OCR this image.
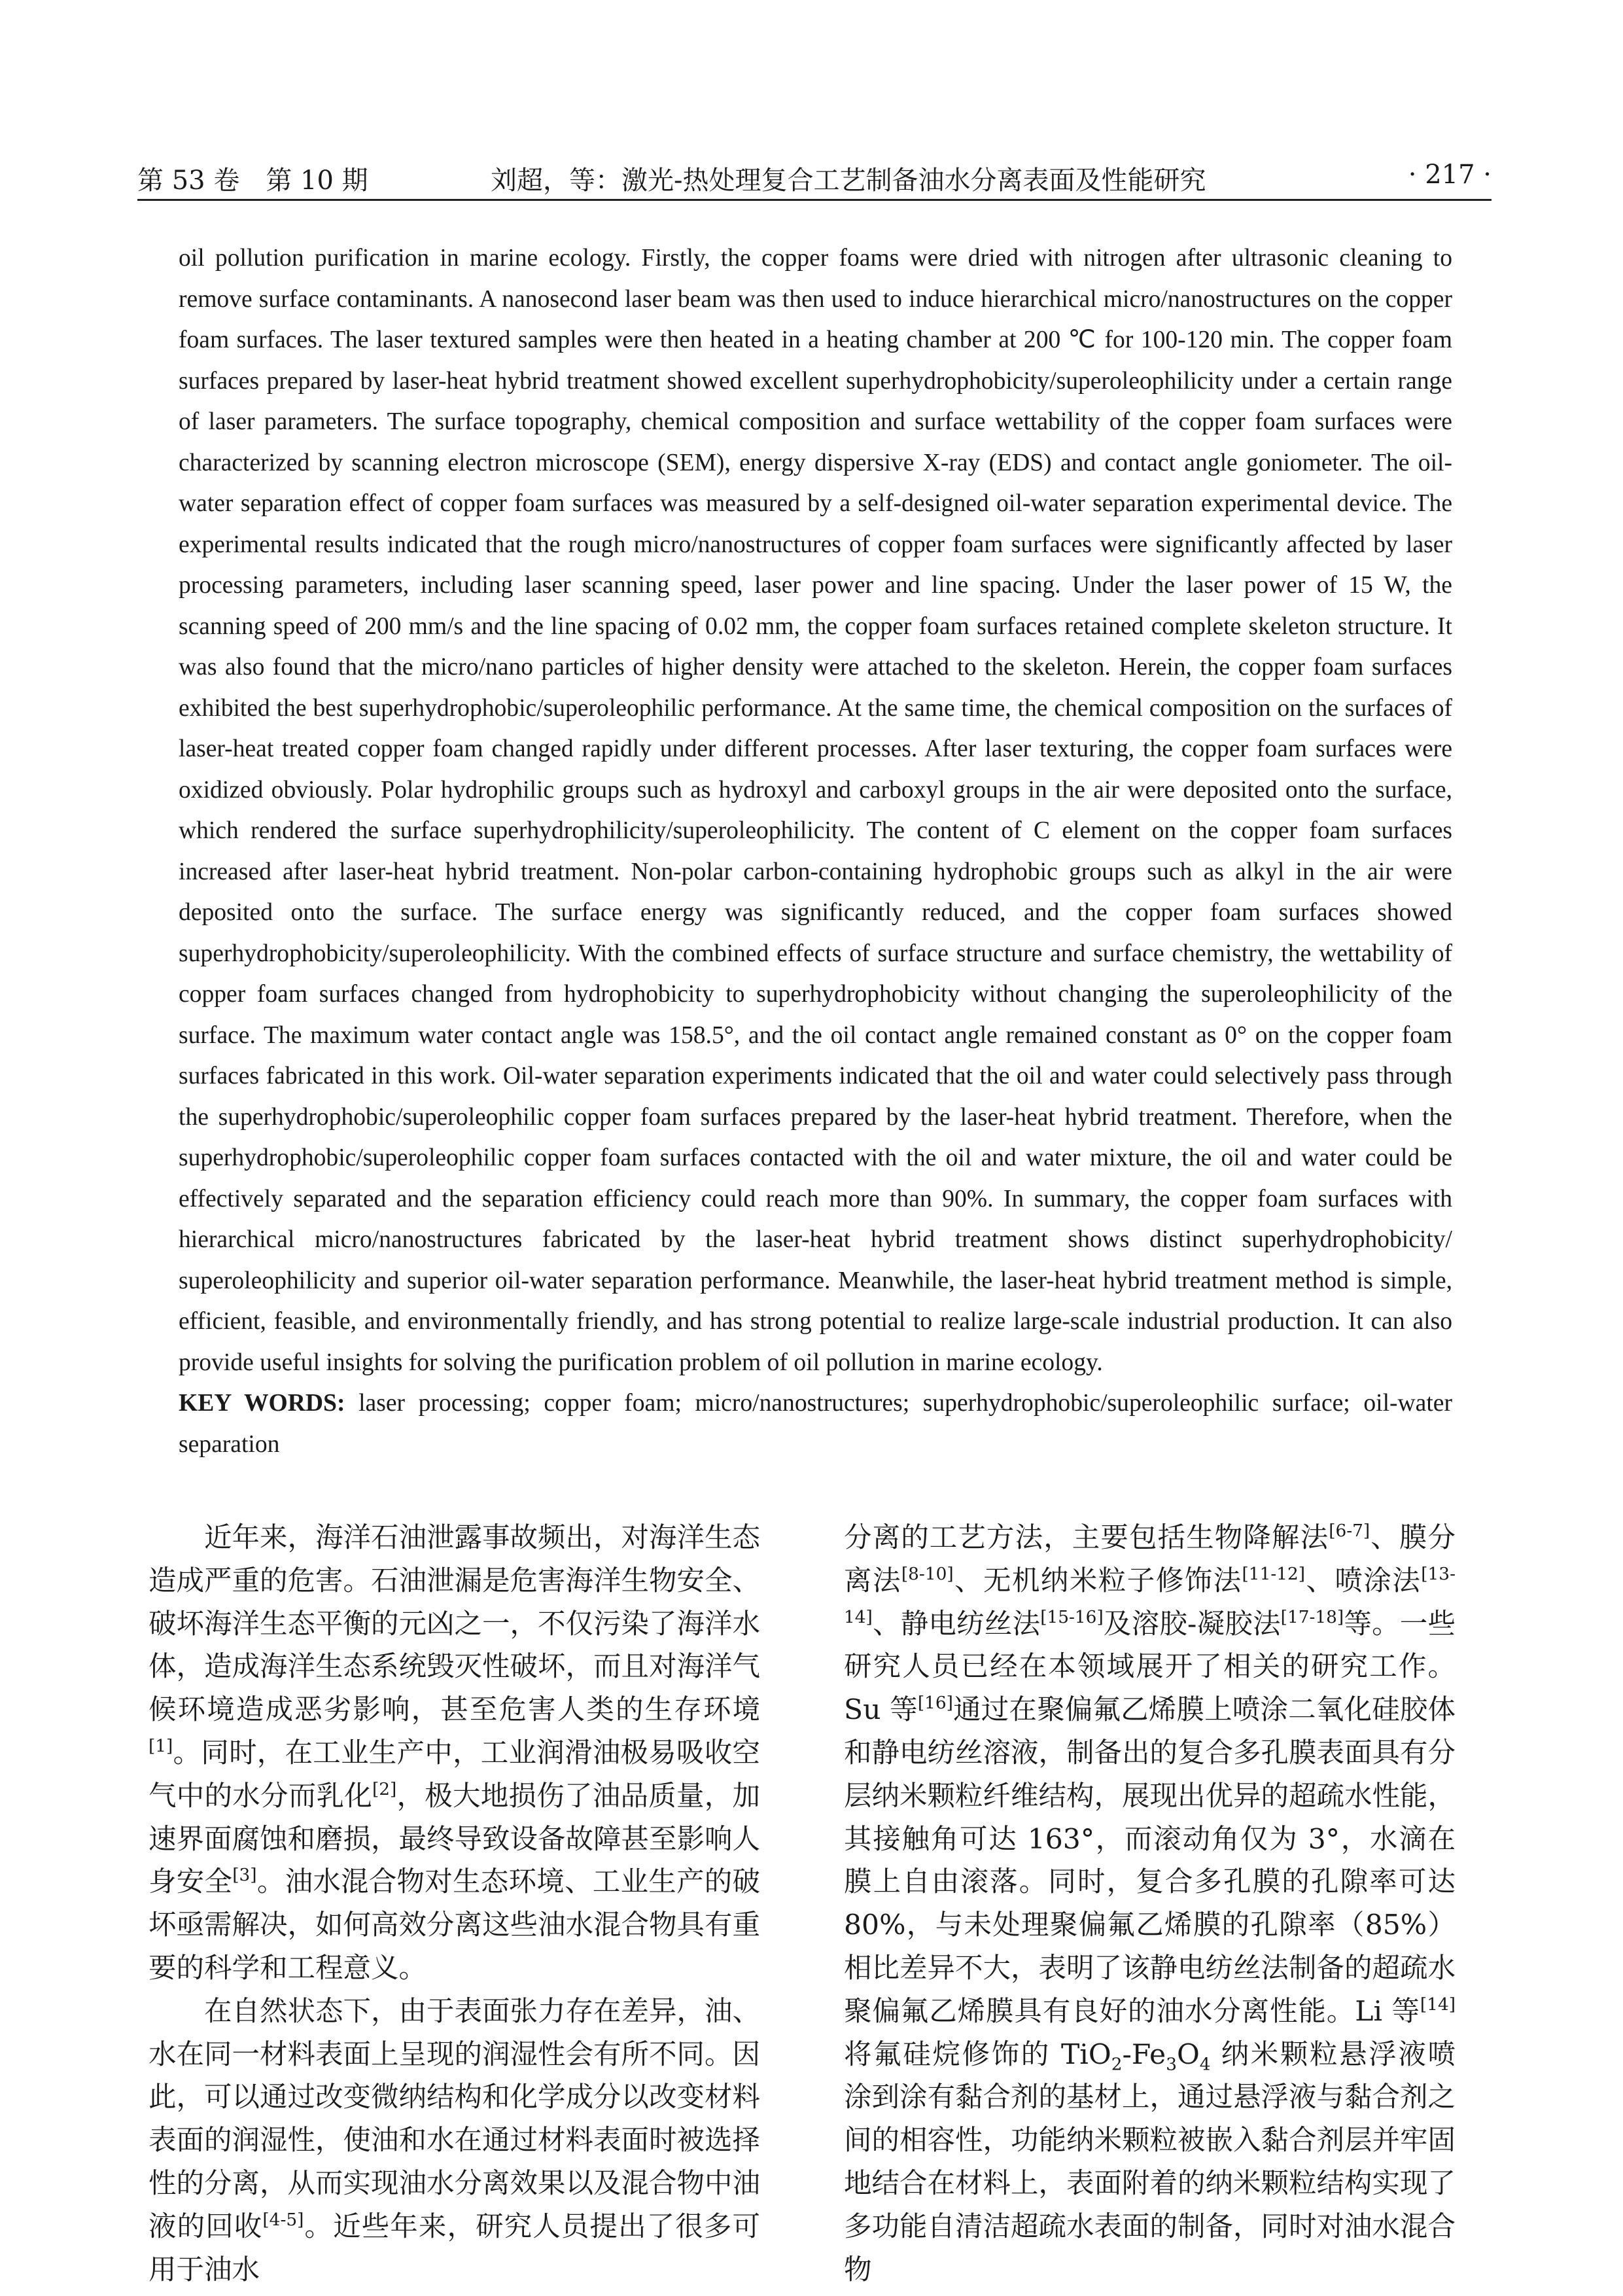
第 53 卷　第 10 期	刘超，等：激光-热处理复合工艺制备油水分离表面及性能研究	· 217 ·

oil pollution purification in marine ecology. Firstly, the copper foams were dried with nitrogen after ultrasonic cleaning to remove surface contaminants. A nanosecond laser beam was then used to induce hierarchical micro/nanostructures on the copper foam surfaces. The laser textured samples were then heated in a heating chamber at 200 ℃ for 100-120 min. The copper foam surfaces prepared by laser-heat hybrid treatment showed excellent superhydrophobicity/superoleophilicity under a certain range of laser parameters. The surface topography, chemical composition and surface wettability of the copper foam surfaces were characterized by scanning electron microscope (SEM), energy dispersive X-ray (EDS) and contact angle goniometer. The oil-water separation effect of copper foam surfaces was measured by a self-designed oil-water separation experimental device. The experimental results indicated that the rough micro/nanostructures of copper foam surfaces were significantly affected by laser processing parameters, including laser scanning speed, laser power and line spacing. Under the laser power of 15 W, the scanning speed of 200 mm/s and the line spacing of 0.02 mm, the copper foam surfaces retained complete skeleton structure. It was also found that the micro/nano particles of higher density were attached to the skeleton. Herein, the copper foam surfaces exhibited the best superhydrophobic/superoleophilic performance. At the same time, the chemical composition on the surfaces of laser-heat treated copper foam changed rapidly under different processes. After laser texturing, the copper foam surfaces were oxidized obviously. Polar hydrophilic groups such as hydroxyl and carboxyl groups in the air were deposited onto the surface, which rendered the surface superhydrophilicity/superoleophilicity. The content of C element on the copper foam surfaces increased after laser-heat hybrid treatment. Non-polar carbon-containing hydrophobic groups such as alkyl in the air were deposited onto the surface. The surface energy was significantly reduced, and the copper foam surfaces showed superhydrophobicity/superoleophilicity. With the combined effects of surface structure and surface chemistry, the wettability of copper foam surfaces changed from hydrophobicity to superhydrophobicity without changing the superoleophilicity of the surface. The maximum water contact angle was 158.5°, and the oil contact angle remained constant as 0° on the copper foam surfaces fabricated in this work. Oil-water separation experiments indicated that the oil and water could selectively pass through the superhydrophobic/superoleophilic copper foam surfaces prepared by the laser-heat hybrid treatment. Therefore, when the superhydrophobic/superoleophilic copper foam surfaces contacted with the oil and water mixture, the oil and water could be effectively separated and the separation efficiency could reach more than 90%. In summary, the copper foam surfaces with hierarchical micro/nanostructures fabricated by the laser-heat hybrid treatment shows distinct superhydrophobicity/ superoleophilicity and superior oil-water separation performance. Meanwhile, the laser-heat hybrid treatment method is simple, efficient, feasible, and environmentally friendly, and has strong potential to realize large-scale industrial production. It can also provide useful insights for solving the purification problem of oil pollution in marine ecology.

KEY WORDS: laser processing; copper foam; micro/nanostructures; superhydrophobic/superoleophilic surface; oil-water separation

近年来，海洋石油泄露事故频出，对海洋生态造成严重的危害。石油泄漏是危害海洋生物安全、破坏海洋生态平衡的元凶之一，不仅污染了海洋水体，造成海洋生态系统毁灭性破坏，而且对海洋气候环境造成恶劣影响，甚至危害人类的生存环境[1]。同时，在工业生产中，工业润滑油极易吸收空气中的水分而乳化[2]，极大地损伤了油品质量，加速界面腐蚀和磨损，最终导致设备故障甚至影响人身安全[3]。油水混合物对生态环境、工业生产的破坏亟需解决，如何高效分离这些油水混合物具有重要的科学和工程意义。

在自然状态下，由于表面张力存在差异，油、水在同一材料表面上呈现的润湿性会有所不同。因此，可以通过改变微纳结构和化学成分以改变材料表面的润湿性，使油和水在通过材料表面时被选择性的分离，从而实现油水分离效果以及混合物中油液的回收[4-5]。近些年来，研究人员提出了很多可用于油水

分离的工艺方法，主要包括生物降解法[6-7]、膜分离法[8-10]、无机纳米粒子修饰法[11-12]、喷涂法[13-14]、静电纺丝法[15-16]及溶胶-凝胶法[17-18]等。一些研究人员已经在本领域展开了相关的研究工作。Su 等[16]通过在聚偏氟乙烯膜上喷涂二氧化硅胶体和静电纺丝溶液，制备出的复合多孔膜表面具有分层纳米颗粒纤维结构，展现出优异的超疏水性能，其接触角可达 163°，而滚动角仅为 3°，水滴在膜上自由滚落。同时，复合多孔膜的孔隙率可达 80%，与未处理聚偏氟乙烯膜的孔隙率（85%）相比差异不大，表明了该静电纺丝法制备的超疏水聚偏氟乙烯膜具有良好的油水分离性能。Li 等[14]将氟硅烷修饰的 $TiO_2-Fe_3O_4$ 纳米颗粒悬浮液喷涂到涂有黏合剂的基材上，通过悬浮液与黏合剂之间的相容性，功能纳米颗粒被嵌入黏合剂层并牢固地结合在材料上，表面附着的纳米颗粒结构实现了多功能自清洁超疏水表面的制备，同时对油水混合物
